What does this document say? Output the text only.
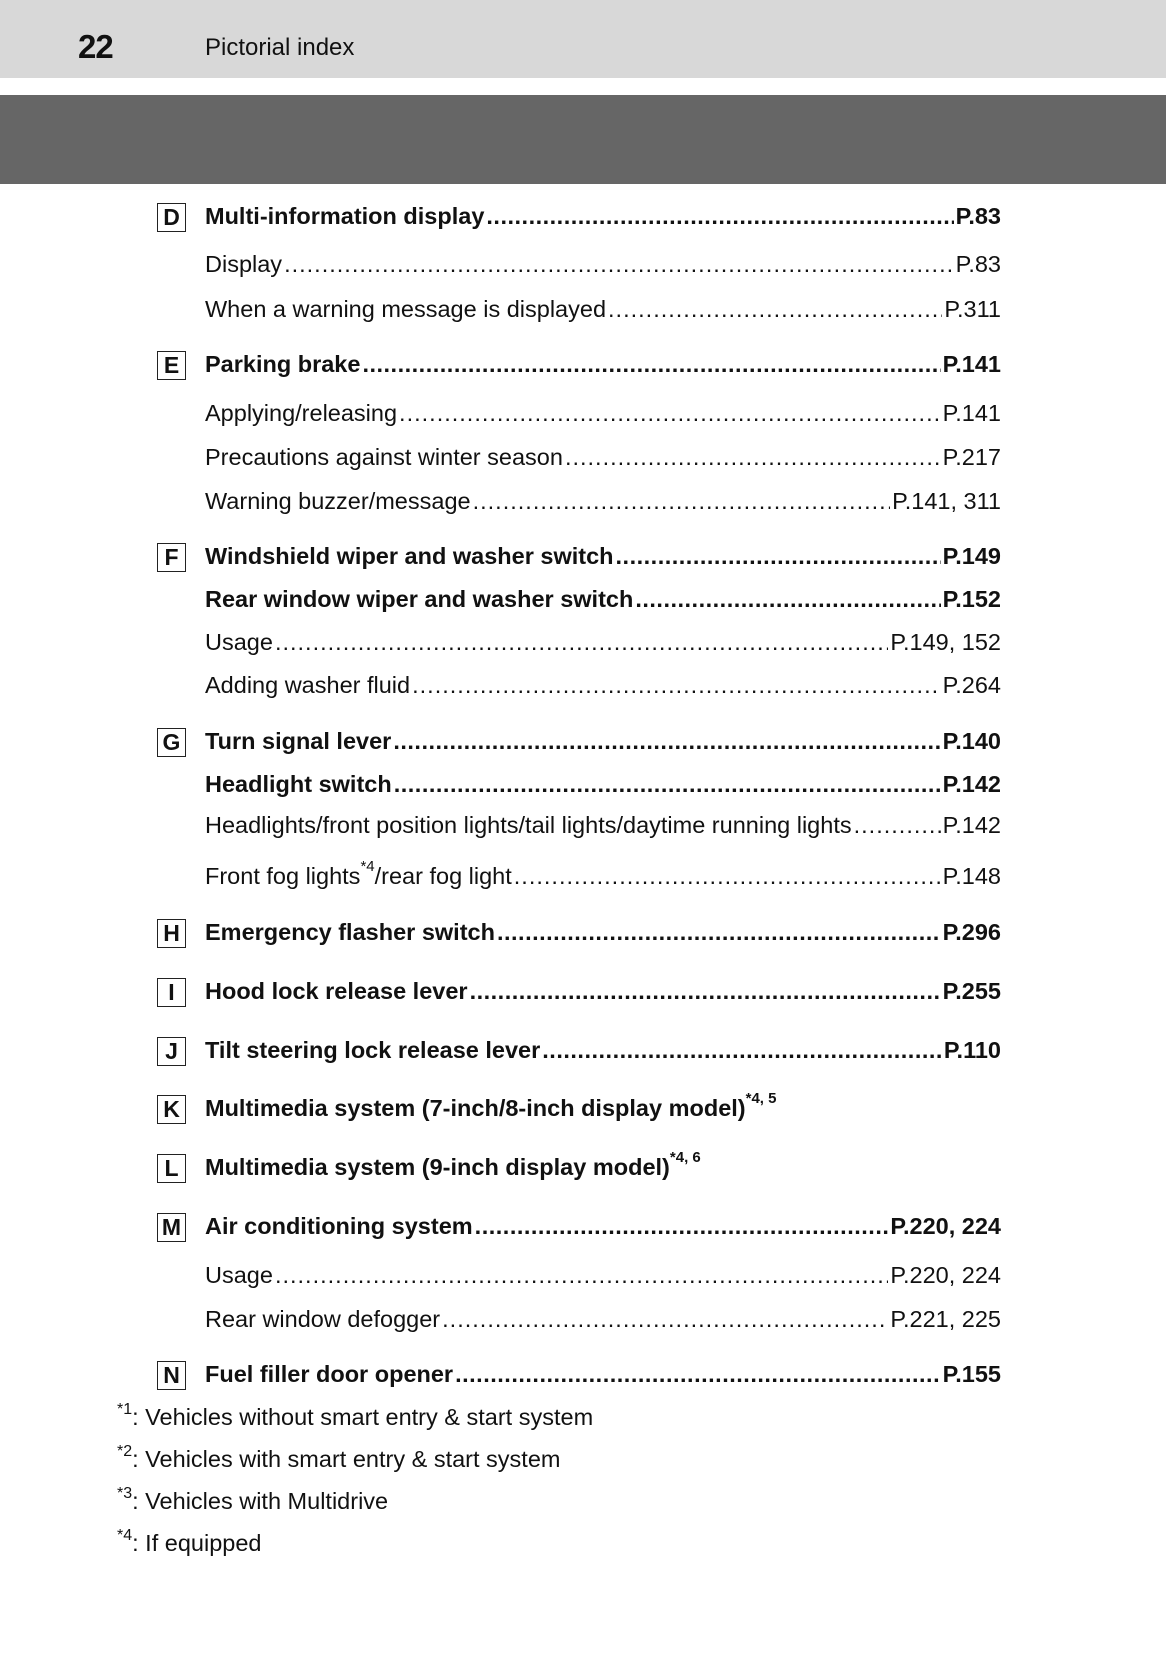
22	Pictorial index
D Multi-information display .....	P.83
Display .....	P.83
When a warning message is displayed .....	P.311
E Parking brake .....	P.141
Applying/releasing .....	P.141
Precautions against winter season .....	P.217
Warning buzzer/message .....	P.141, 311
F	Windshield wiper and washer switch .....	P.149
Rear window wiper and washer switch .....	P.152
Usage .....	P.149, 152
Adding washer fluid .....	P.264
G Turn signal lever .....	P.140
Headlight switch .....	P.142
Headlights/front position lights/tail lights/daytime running lights .....	P.142
Front fog lights$^{*4}$/rear fog light .....	P.148
H Emergency flasher switch .....	P.296
I	Hood lock release lever .....	P.255
J	Tilt steering lock release lever .....	P.110
K Multimedia system (7-inch/8-inch display model)$^{*4, 5}$
L	Multimedia system (9-inch display model)$^{*4, 6}$
M Air conditioning system .....	P.220, 224
Usage .....	P.220, 224
Rear window defogger .....	P.221, 225
N Fuel filler door opener .....	P.155
$^{*1}$: Vehicles without smart entry & start system
$^{*2}$: Vehicles with smart entry & start system
$^{*3}$: Vehicles with Multidrive
$^{*4}$: If equipped
